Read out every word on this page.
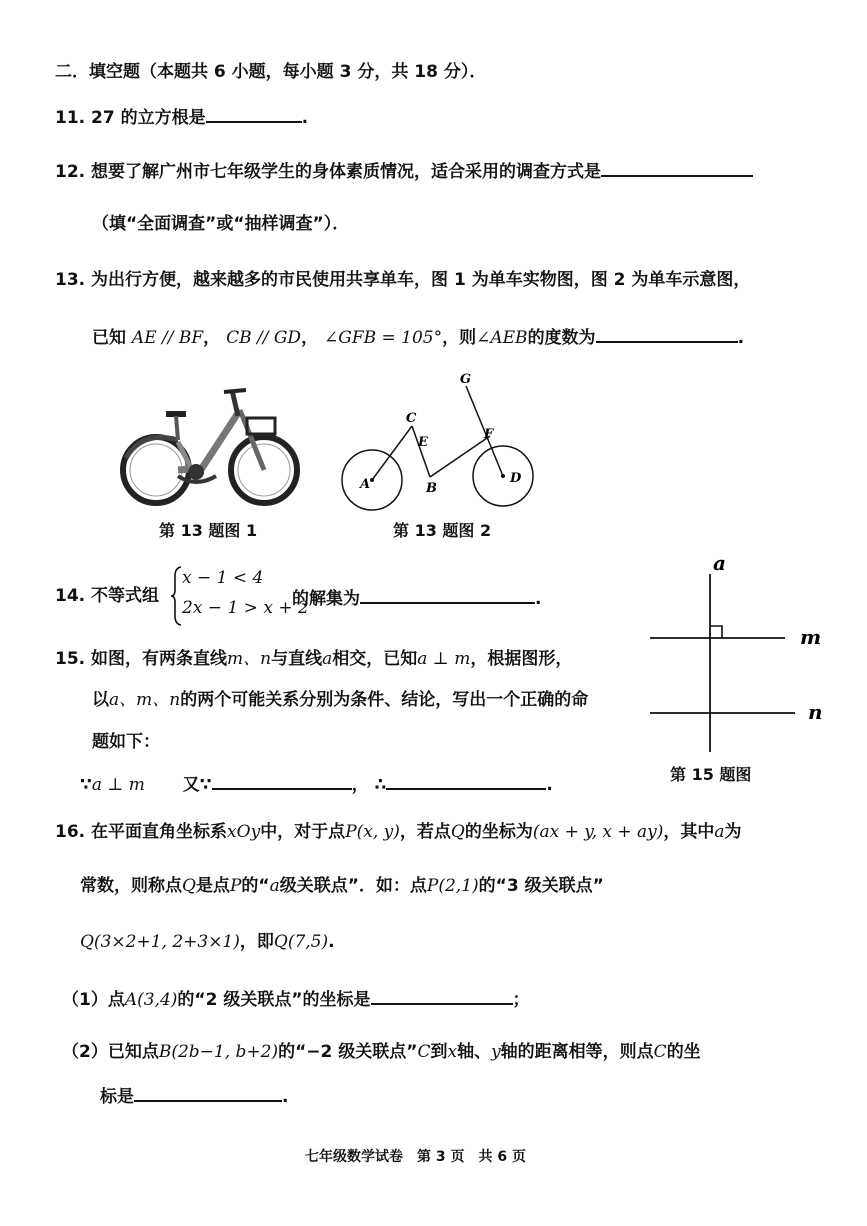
二．填空题（本题共 6 小题，每小题 3 分，共 18 分）．
11. 27 的立方根是	.
12. 想要了解广州市七年级学生的身体素质情况，适合采用的调查方式是
（填“全面调查”或“抽样调查”）．
13. 为出行方便，越来越多的市民使用共享单车，图 1 为单车实物图，图 2 为单车示意图，
已知 AE // BF， CB // GD， ∠GFB = 105°，则∠AEB的度数为	.
第 13 题图 1
C
E
A	B
F
G
D
第 13 题图 2
14. 不等式组
x − 1 < 4
2x − 1 > x + 2
的解集为	.
15. 如图，有两条直线m、n与直线a相交，已知a ⊥ m，根据图形，
以a、m、n的两个可能关系分别为条件、结论，写出一个正确的命
题如下：
∵a ⊥ m 又∵	， ∴	.
a
m
n
第 15 题图
16. 在平面直角坐标系xOy中，对于点P(x, y)，若点Q的坐标为(ax + y, x + ay)，其中a为
常数，则称点Q是点P的“a级关联点”．如：点P(2,1)的“3 级关联点”
Q(3×2+1, 2+3×1)，即Q(7,5).
（1）点A(3,4)的“2 级关联点”的坐标是	；
（2）已知点B(2b−1, b+2)的“−2 级关联点”C到x轴、y轴的距离相等，则点C的坐
标是	.
七年级数学试卷　第 3 页　共 6 页
